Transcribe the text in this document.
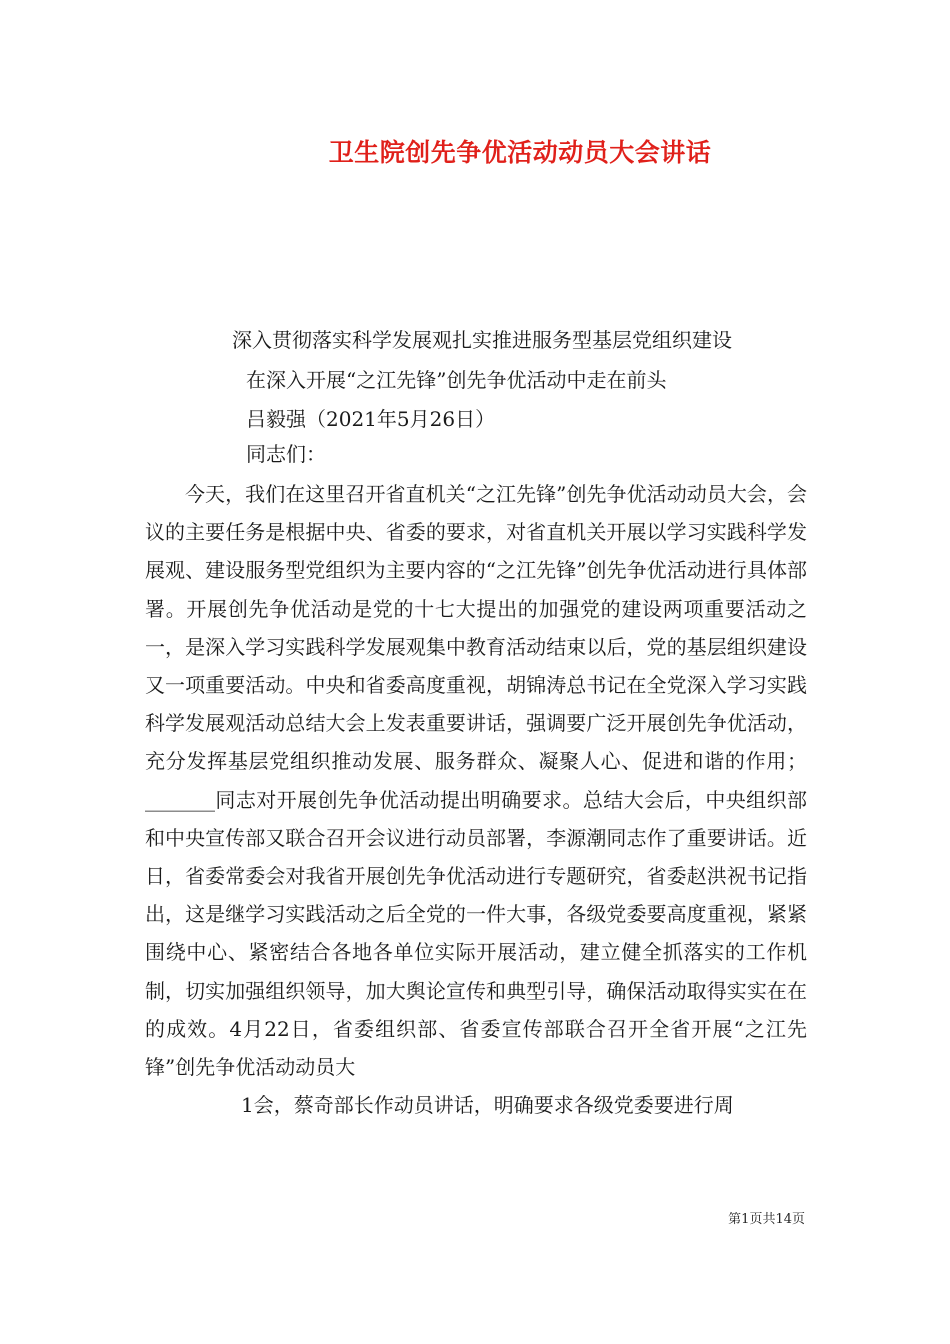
卫生院创先争优活动动员大会讲话
深入贯彻落实科学发展观扎实推进服务型基层党组织建设
在深入开展“之江先锋”创先争优活动中走在前头
吕毅强（2021年5月26日）
同志们：

今天，我们在这里召开省直机关“之江先锋”创先争优活动动员大会，会议的主要任务是根据中央、省委的要求，对省直机关开展以学习实践科学发展观、建设服务型党组织为主要内容的“之江先锋”创先争优活动进行具体部署。开展创先争优活动是党的十七大提出的加强党的建设两项重要活动之一，是深入学习实践科学发展观集中教育活动结束以后，党的基层组织建设又一项重要活动。中央和省委高度重视，胡锦涛总书记在全党深入学习实践科学发展观活动总结大会上发表重要讲话，强调要广泛开展创先争优活动，充分发挥基层党组织推动发展、服务群众、凝聚人心、促进和谐的作用；_______同志对开展创先争优活动提出明确要求。总结大会后，中央组织部和中央宣传部又联合召开会议进行动员部署，李源潮同志作了重要讲话。近日，省委常委会对我省开展创先争优活动进行专题研究，省委赵洪祝书记指出，这是继学习实践活动之后全党的一件大事，各级党委要高度重视，紧紧围绕中心、紧密结合各地各单位实际开展活动，建立健全抓落实的工作机制，切实加强组织领导，加大舆论宣传和典型引导，确保活动取得实实在在的成效。4月22日，省委组织部、省委宣传部联合召开全省开展“之江先锋”创先争优活动动员大

1会，蔡奇部长作动员讲话，明确要求各级党委要进行周

第1页共14页
